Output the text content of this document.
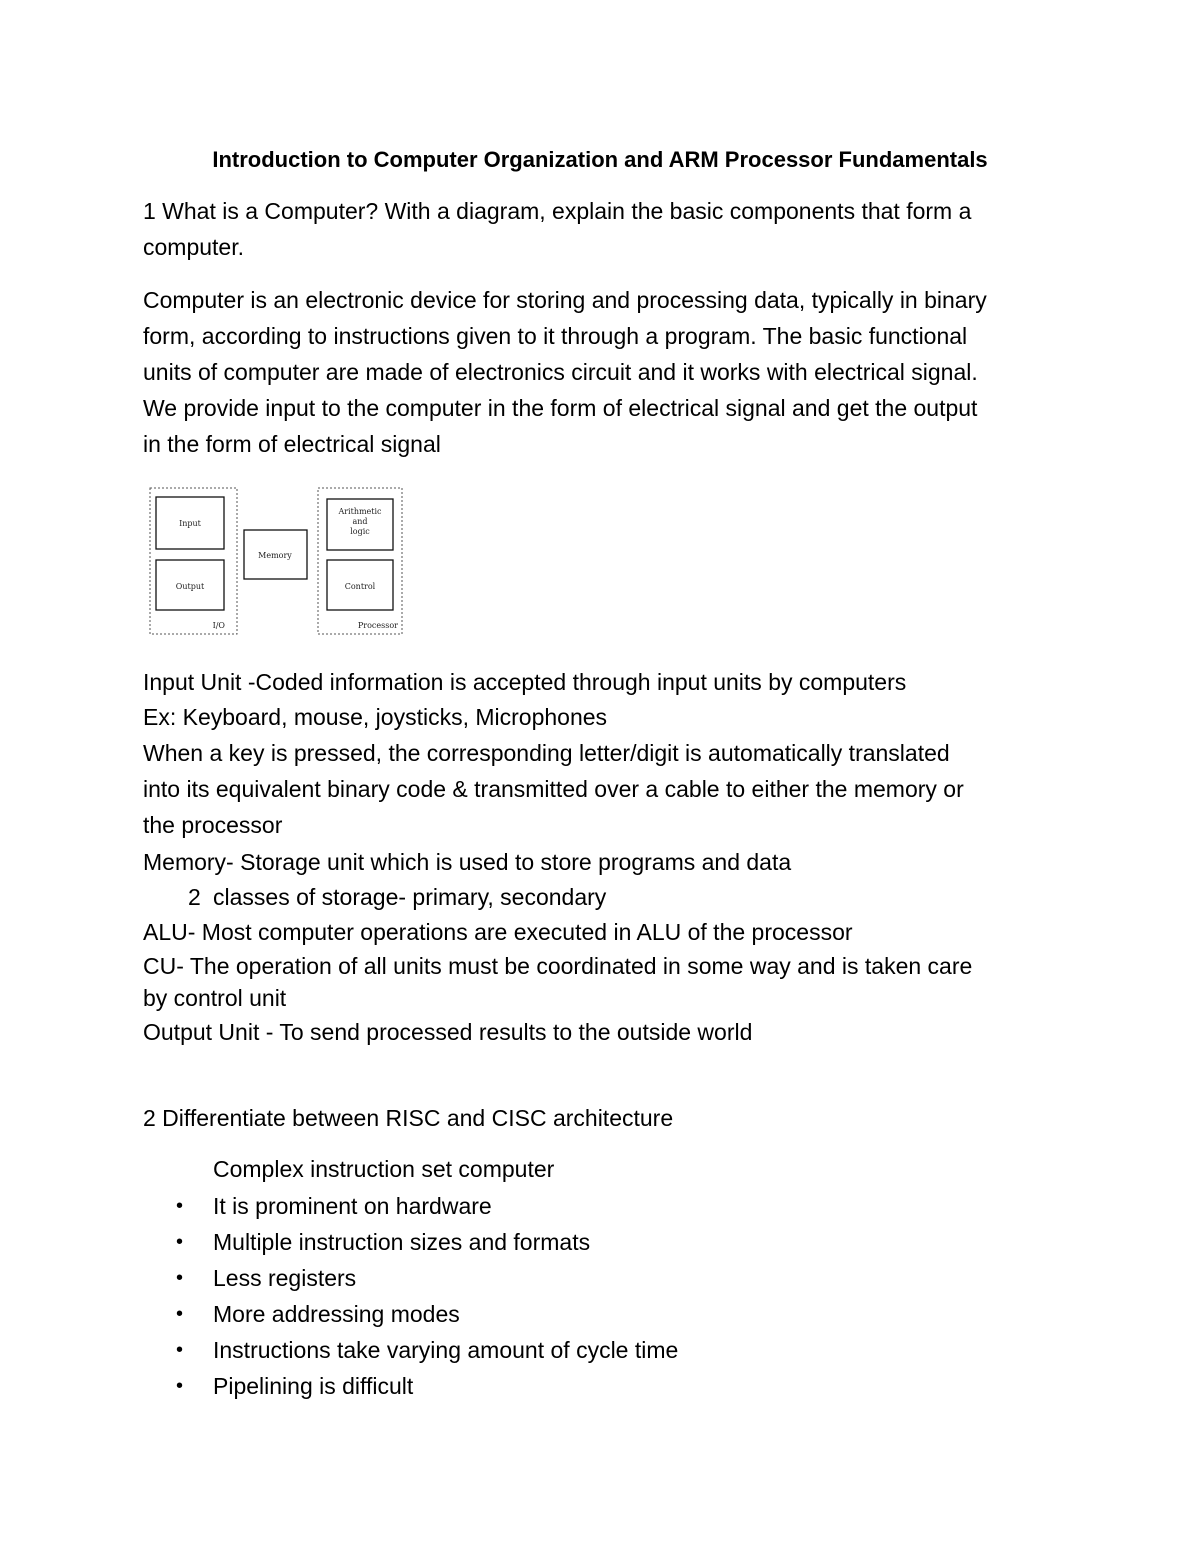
Introduction to Computer Organization and ARM Processor Fundamentals

1 What is a Computer? With a diagram, explain the basic components that form a

computer.

Computer is an electronic device for storing and processing data, typically in binary
form, according to instructions given to it through a program. The basic functional
units of computer are made of electronics circuit and it works with electrical signal.
We provide input to the computer in the form of electrical signal and get the output
in the form of electrical signal
Input
Output
I/O
Memory
Arithmetic
and
logic
Control
Processor

Input Unit -Coded information is accepted through input units by computers

Ex: Keyboard, mouse, joysticks, Microphones

When a key is pressed, the corresponding letter/digit is automatically translated

into its equivalent binary code & transmitted over a cable to either the memory or

the processor

Memory- Storage unit which is used to store programs and data

2 classes of storage- primary, secondary

ALU- Most computer operations are executed in ALU of the processor

CU- The operation of all units must be coordinated in some way and is taken care

by control unit

Output Unit - To send processed results to the outside world

2 Differentiate between RISC and CISC architecture

Complex instruction set computer

• It is prominent on hardware
• Multiple instruction sizes and formats
• Less registers
• More addressing modes
• Instructions take varying amount of cycle time
• Pipelining is difficult
